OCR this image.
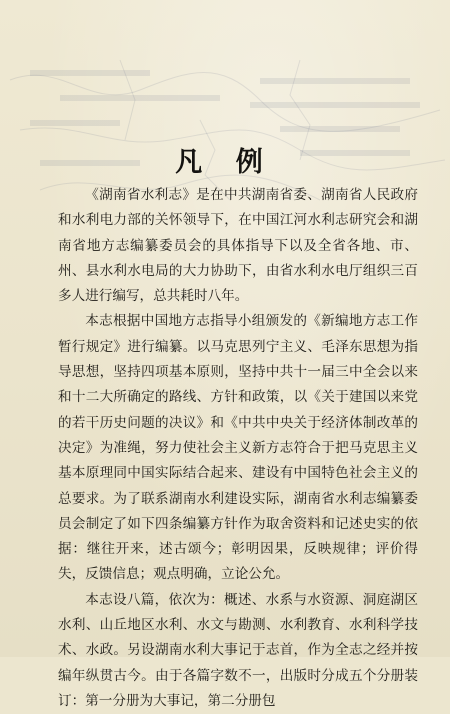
凡 例

《湖南省水利志》是在中共湖南省委、湖南省人民政府和水利电力部的关怀领导下，在中国江河水利志研究会和湖南省地方志编纂委员会的具体指导下以及全省各地、市、州、县水利水电局的大力协助下，由省水利水电厅组织三百多人进行编写，总共耗时八年。

本志根据中国地方志指导小组颁发的《新编地方志工作暂行规定》进行编纂。以马克思列宁主义、毛泽东思想为指导思想，坚持四项基本原则，坚持中共十一届三中全会以来和十二大所确定的路线、方针和政策，以《关于建国以来党的若干历史问题的决议》和《中共中央关于经济体制改革的决定》为准绳，努力使社会主义新方志符合于把马克思主义基本原理同中国实际结合起来、建设有中国特色社会主义的总要求。为了联系湖南水利建设实际，湖南省水利志编纂委员会制定了如下四条编纂方针作为取舍资料和记述史实的依据：继往开来，述古颂今；彰明因果，反映规律；评价得失，反馈信息；观点明确，立论公允。

本志设八篇，依次为：概述、水系与水资源、洞庭湖区水利、山丘地区水利、水文与勘测、水利教育、水利科学技术、水政。另设湖南水利大事记于志首，作为全志之经并按编年纵贯古今。由于各篇字数不一，出版时分成五个分册装订：第一分册为大事记，第二分册包
